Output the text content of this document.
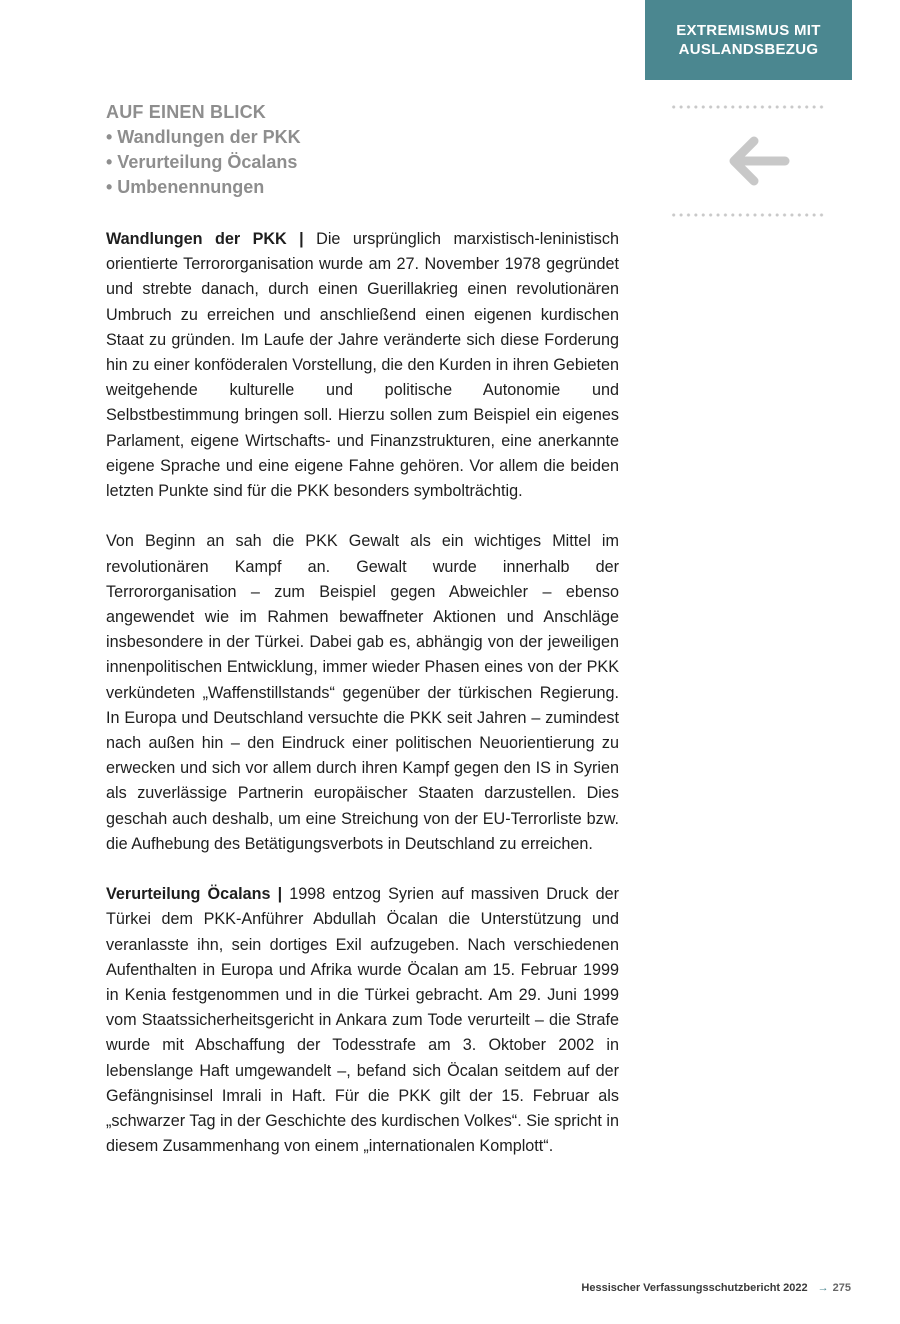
EXTREMISMUS MIT
AUSLANDSBEZUG
AUF EINEN BLICK
• Wandlungen der PKK
• Verurteilung Öcalans
• Umbenennungen

Wandlungen der PKK | Die ursprünglich marxistisch-leninistisch orientierte Terrororganisation wurde am 27. November 1978 gegründet und strebte danach, durch einen Guerillakrieg einen revolutionären Umbruch zu erreichen und anschließend einen eigenen kurdischen Staat zu gründen. Im Laufe der Jahre veränderte sich diese Forderung hin zu einer konföderalen Vorstellung, die den Kurden in ihren Gebieten weitgehende kulturelle und politische Autonomie und Selbstbestimmung bringen soll. Hierzu sollen zum Beispiel ein eigenes Parlament, eigene Wirtschafts- und Finanzstrukturen, eine anerkannte eigene Sprache und eine eigene Fahne gehören. Vor allem die beiden letzten Punkte sind für die PKK besonders symbolträchtig.

Von Beginn an sah die PKK Gewalt als ein wichtiges Mittel im revolutionären Kampf an. Gewalt wurde innerhalb der Terrororganisation – zum Beispiel gegen Abweichler – ebenso angewendet wie im Rahmen bewaffneter Aktionen und Anschläge insbesondere in der Türkei. Dabei gab es, abhängig von der jeweiligen innenpolitischen Entwicklung, immer wieder Phasen eines von der PKK verkündeten „Waffenstillstands“ gegenüber der türkischen Regierung. In Europa und Deutschland versuchte die PKK seit Jahren – zumindest nach außen hin – den Eindruck einer politischen Neuorientierung zu erwecken und sich vor allem durch ihren Kampf gegen den IS in Syrien als zuverlässige Partnerin europäischer Staaten darzustellen. Dies geschah auch deshalb, um eine Streichung von der EU-Terrorliste bzw. die Aufhebung des Betätigungsverbots in Deutschland zu erreichen.

Verurteilung Öcalans | 1998 entzog Syrien auf massiven Druck der Türkei dem PKK-Anführer Abdullah Öcalan die Unterstützung und veranlasste ihn, sein dortiges Exil aufzugeben. Nach verschiedenen Aufenthalten in Europa und Afrika wurde Öcalan am 15. Februar 1999 in Kenia festgenommen und in die Türkei gebracht. Am 29. Juni 1999 vom Staatssicherheitsgericht in Ankara zum Tode verurteilt – die Strafe wurde mit Abschaffung der Todesstrafe am 3. Oktober 2002 in lebenslange Haft umgewandelt –, befand sich Öcalan seitdem auf der Gefängnisinsel Imrali in Haft. Für die PKK gilt der 15. Februar als „schwarzer Tag in der Geschichte des kurdischen Volkes“. Sie spricht in diesem Zusammenhang von einem „internationalen Komplott“.

Hessischer Verfassungsschutzbericht 2022 → 275
